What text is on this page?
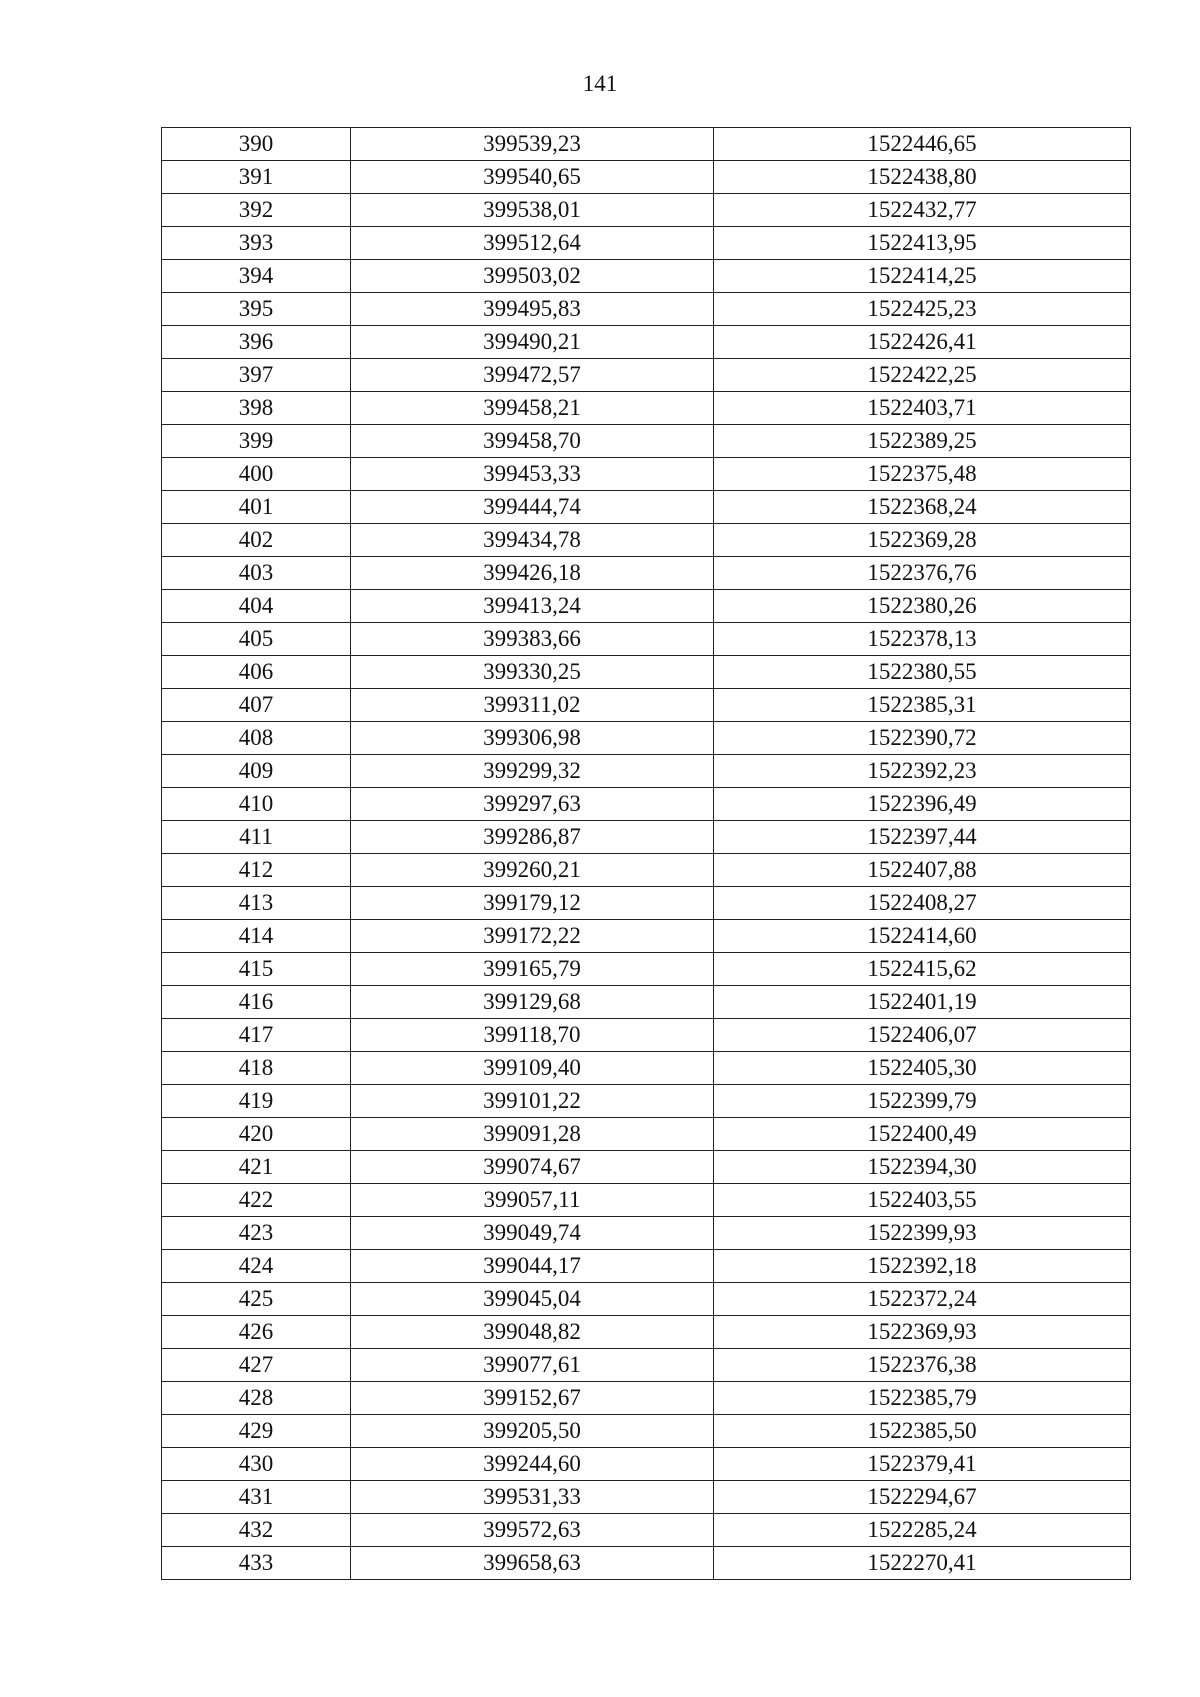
141
390	399539,23	1522446,65
391	399540,65	1522438,80
392	399538,01	1522432,77
393	399512,64	1522413,95
394	399503,02	1522414,25
395	399495,83	1522425,23
396	399490,21	1522426,41
397	399472,57	1522422,25
398	399458,21	1522403,71
399	399458,70	1522389,25
400	399453,33	1522375,48
401	399444,74	1522368,24
402	399434,78	1522369,28
403	399426,18	1522376,76
404	399413,24	1522380,26
405	399383,66	1522378,13
406	399330,25	1522380,55
407	399311,02	1522385,31
408	399306,98	1522390,72
409	399299,32	1522392,23
410	399297,63	1522396,49
411	399286,87	1522397,44
412	399260,21	1522407,88
413	399179,12	1522408,27
414	399172,22	1522414,60
415	399165,79	1522415,62
416	399129,68	1522401,19
417	399118,70	1522406,07
418	399109,40	1522405,30
419	399101,22	1522399,79
420	399091,28	1522400,49
421	399074,67	1522394,30
422	399057,11	1522403,55
423	399049,74	1522399,93
424	399044,17	1522392,18
425	399045,04	1522372,24
426	399048,82	1522369,93
427	399077,61	1522376,38
428	399152,67	1522385,79
429	399205,50	1522385,50
430	399244,60	1522379,41
431	399531,33	1522294,67
432	399572,63	1522285,24
433	399658,63	1522270,41
